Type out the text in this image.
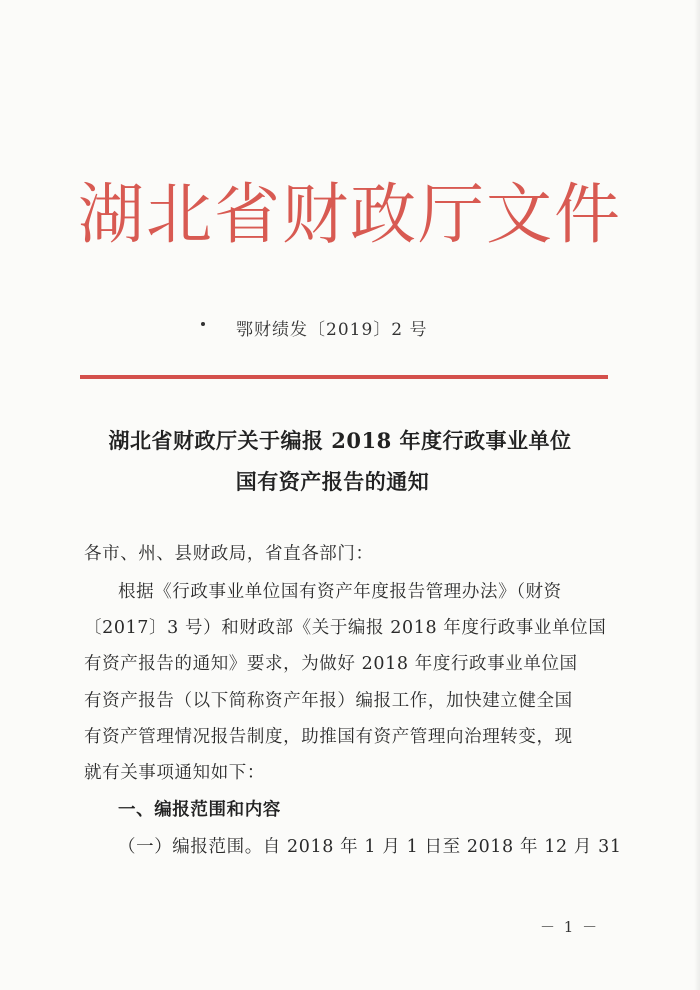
湖北省财政厅文件
鄂财绩发〔2019〕2 号
湖北省财政厅关于编报 2018 年度行政事业单位
国有资产报告的通知
各市、州、县财政局，省直各部门：
根据《行政事业单位国有资产年度报告管理办法》（财资
〔2017〕3 号）和财政部《关于编报 2018 年度行政事业单位国
有资产报告的通知》要求，为做好 2018 年度行政事业单位国
有资产报告（以下简称资产年报）编报工作，加快建立健全国
有资产管理情况报告制度，助推国有资产管理向治理转变，现
就有关事项通知如下：
一、编报范围和内容
（一）编报范围。自 2018 年 1 月 1 日至 2018 年 12 月 31
－ 1 －
